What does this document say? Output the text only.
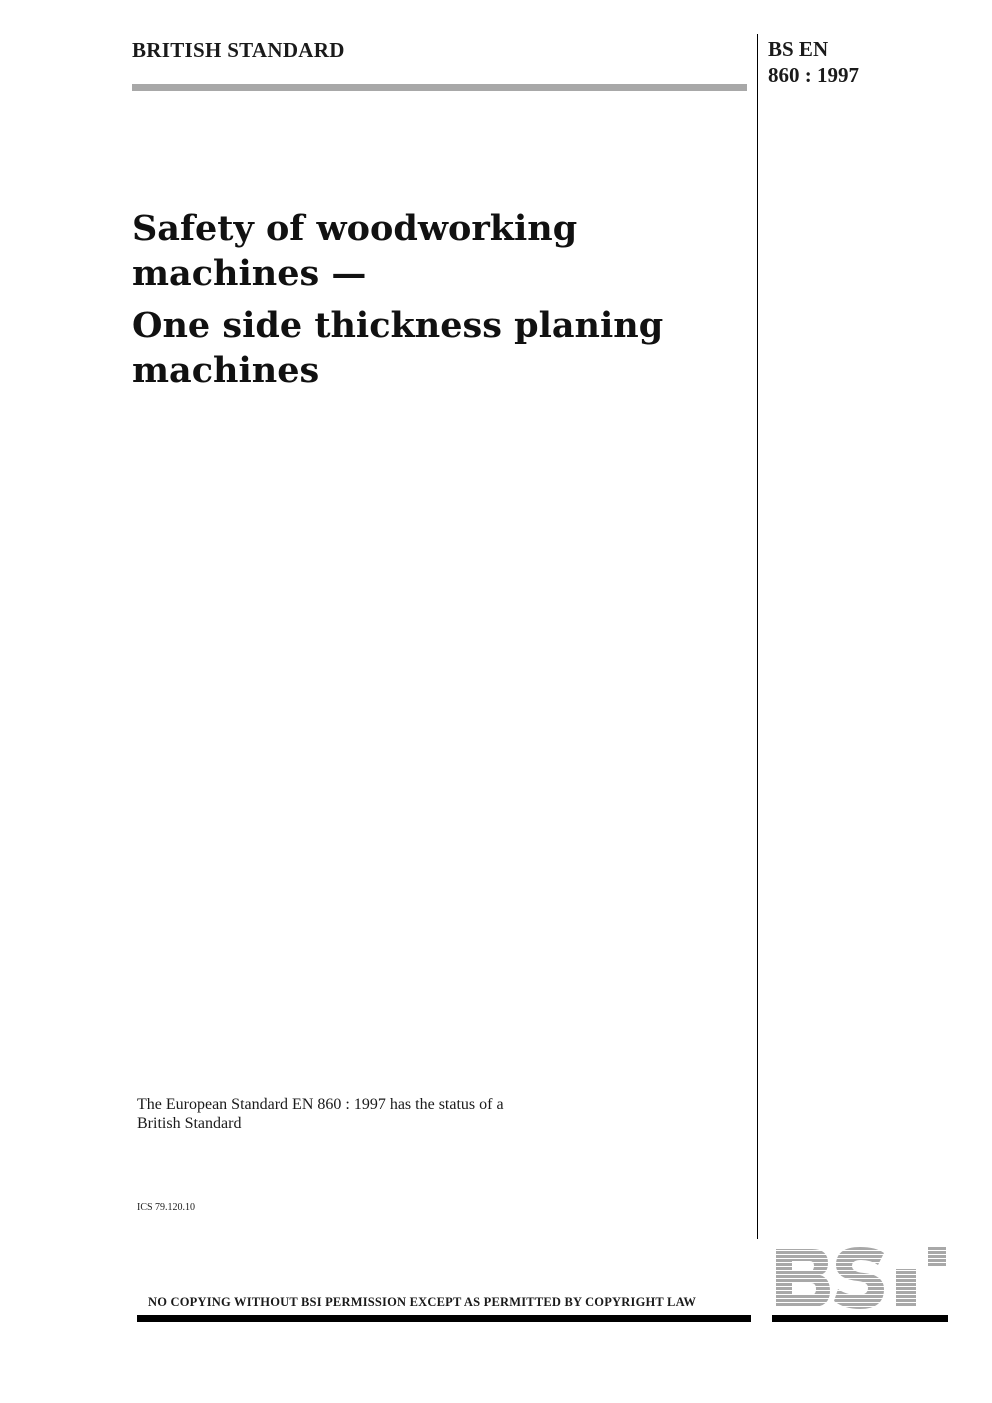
BRITISH STANDARD	BS EN
860 : 1997
Safety of woodworking
machines —
One side thickness planing
machines
The European Standard EN 860 : 1997 has the status of a
British Standard
ICS 79.120.10
NO COPYING WITHOUT BSI PERMISSION EXCEPT AS PERMITTED BY COPYRIGHT LAW
